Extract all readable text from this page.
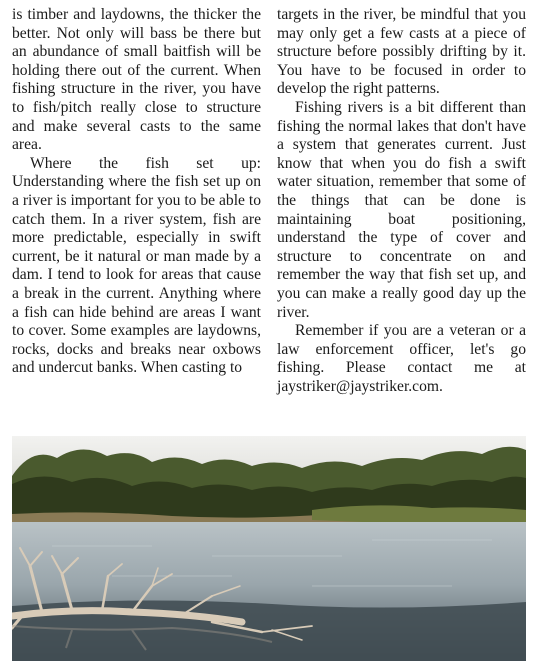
is timber and laydowns, the thicker the better. Not only will bass be there but an abundance of small baitfish will be holding there out of the current. When fishing structure in the river, you have to fish/pitch really close to structure and make several casts to the same area.

Where the fish set up: Understanding where the fish set up on a river is important for you to be able to catch them. In a river system, fish are more predictable, especially in swift current, be it natural or man made by a dam. I tend to look for areas that cause a break in the current. Anything where a fish can hide behind are areas I want to cover. Some examples are laydowns, rocks, docks and breaks near oxbows and undercut banks. When casting to

targets in the river, be mindful that you may only get a few casts at a piece of structure before possibly drifting by it. You have to be focused in order to develop the right patterns.

Fishing rivers is a bit different than fishing the normal lakes that don't have a system that generates current. Just know that when you do fish a swift water situation, remember that some of the things that can be done is maintaining boat positioning, understand the type of cover and structure to concentrate on and remember the way that fish set up, and you can make a really good day up the river.

Remember if you are a veteran or a law enforcement officer, let's go fishing. Please contact me at jaystriker@jaystriker.com.
